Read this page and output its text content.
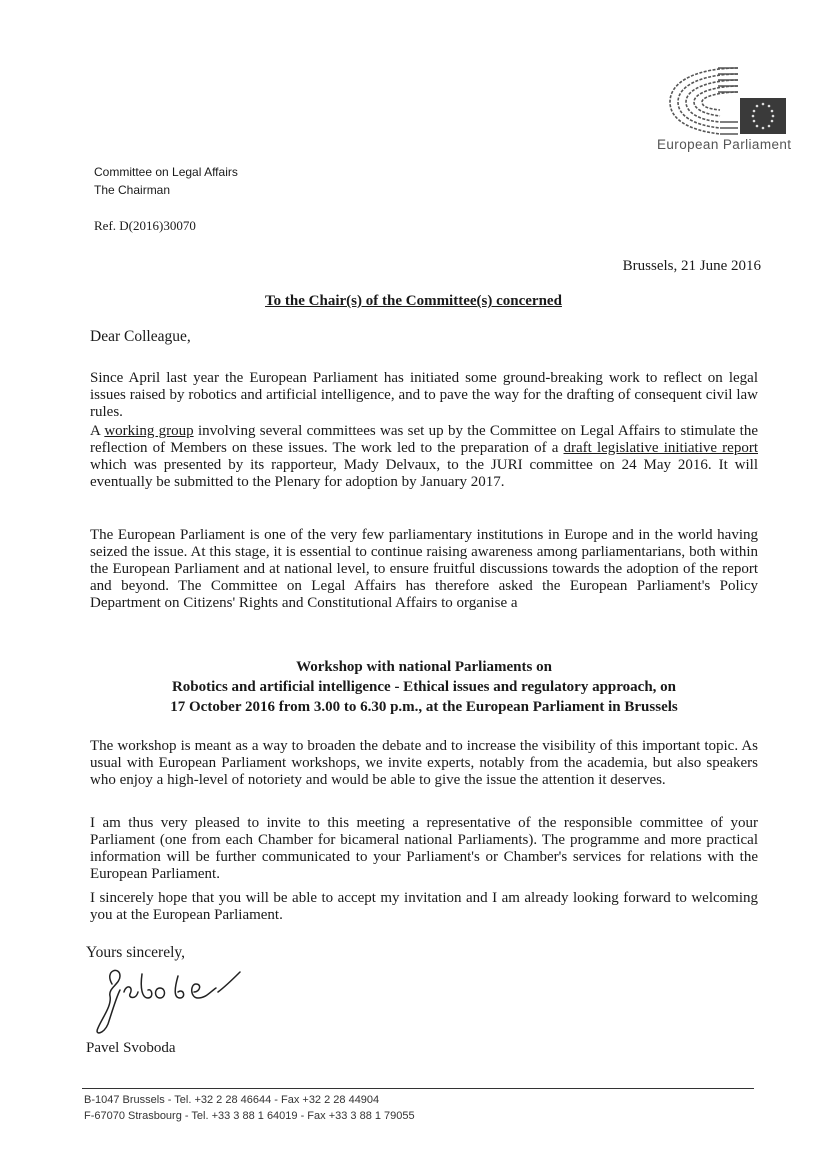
European Parliament
Committee on Legal Affairs
The Chairman
Ref. D(2016)30070
Brussels, 21 June 2016
To the Chair(s) of the Committee(s) concerned
Dear Colleague,
Since April last year the European Parliament has initiated some ground-breaking work to reflect on legal issues raised by robotics and artificial intelligence, and to pave the way for the drafting of consequent civil law rules.
A working group involving several committees was set up by the Committee on Legal Affairs to stimulate the reflection of Members on these issues. The work led to the preparation of a draft legislative initiative report which was presented by its rapporteur, Mady Delvaux, to the JURI committee on 24 May 2016. It will eventually be submitted to the Plenary for adoption by January 2017.
The European Parliament is one of the very few parliamentary institutions in Europe and in the world having seized the issue. At this stage, it is essential to continue raising awareness among parliamentarians, both within the European Parliament and at national level, to ensure fruitful discussions towards the adoption of the report and beyond. The Committee on Legal Affairs has therefore asked the European Parliament's Policy Department on Citizens' Rights and Constitutional Affairs to organise a
Workshop with national Parliaments on
Robotics and artificial intelligence - Ethical issues and regulatory approach, on
17 October 2016 from 3.00 to 6.30 p.m., at the European Parliament in Brussels
The workshop is meant as a way to broaden the debate and to increase the visibility of this important topic. As usual with European Parliament workshops, we invite experts, notably from the academia, but also speakers who enjoy a high-level of notoriety and would be able to give the issue the attention it deserves.
I am thus very pleased to invite to this meeting a representative of the responsible committee of your Parliament (one from each Chamber for bicameral national Parliaments). The programme and more practical information will be further communicated to your Parliament's or Chamber's services for relations with the European Parliament.
I sincerely hope that you will be able to accept my invitation and I am already looking forward to welcoming you at the European Parliament.
Yours sincerely,
Pavel Svoboda
B-1047 Brussels - Tel. +32 2 28 46644 - Fax +32 2 28 44904
F-67070 Strasbourg - Tel. +33 3 88 1 64019 - Fax +33 3 88 1 79055
